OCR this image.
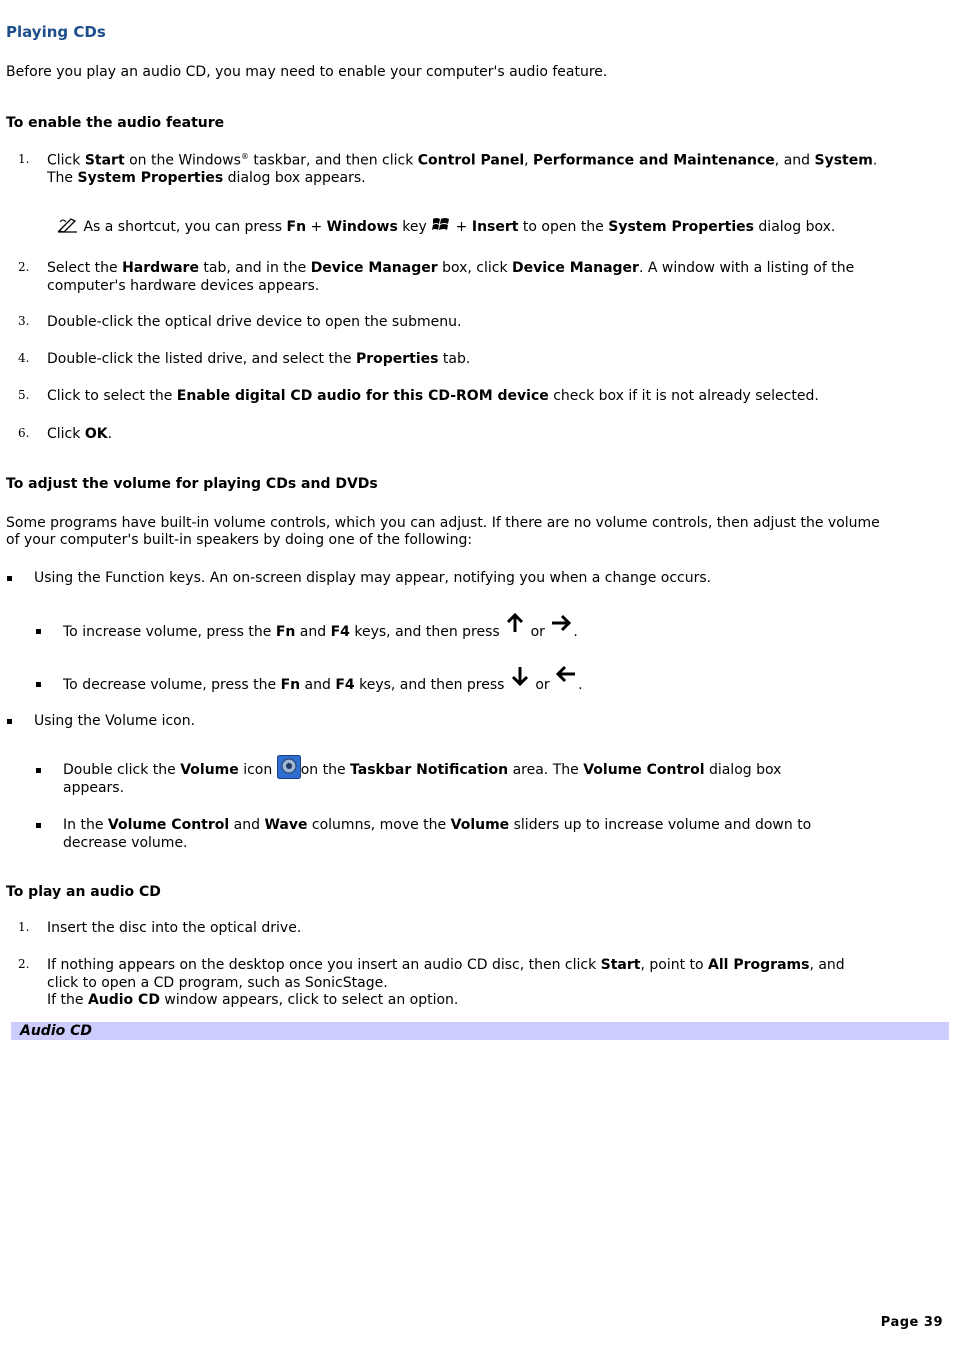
Playing CDs
Before you play an audio CD, you may need to enable your computer's audio feature.
To enable the audio feature
1. Click Start on the Windows® taskbar, and then click Control Panel, Performance and Maintenance, and System.
The System Properties dialog box appears.
As a shortcut, you can press Fn + Windows key  + Insert to open the System Properties dialog box.
2. Select the Hardware tab, and in the Device Manager box, click Device Manager. A window with a listing of the
computer's hardware devices appears.
3. Double-click the optical drive device to open the submenu.
4. Double-click the listed drive, and select the Properties tab.
5. Click to select the Enable digital CD audio for this CD-ROM device check box if it is not already selected.
6. Click OK.
To adjust the volume for playing CDs and DVDs
Some programs have built-in volume controls, which you can adjust. If there are no volume controls, then adjust the volume
of your computer's built-in speakers by doing one of the following:
Using the Function keys. An on-screen display may appear, notifying you when a change occurs.
To increase volume, press the Fn and F4 keys, and then press  or .
To decrease volume, press the Fn and F4 keys, and then press  or .
Using the Volume icon.
Double click the Volume icon on the Taskbar Notification area. The Volume Control dialog box
appears.
In the Volume Control and Wave columns, move the Volume sliders up to increase volume and down to
decrease volume.
To play an audio CD
1. Insert the disc into the optical drive.
2. If nothing appears on the desktop once you insert an audio CD disc, then click Start, point to All Programs, and
click to open a CD program, such as SonicStage.
If the Audio CD window appears, click to select an option.
Audio CD
Page 39
